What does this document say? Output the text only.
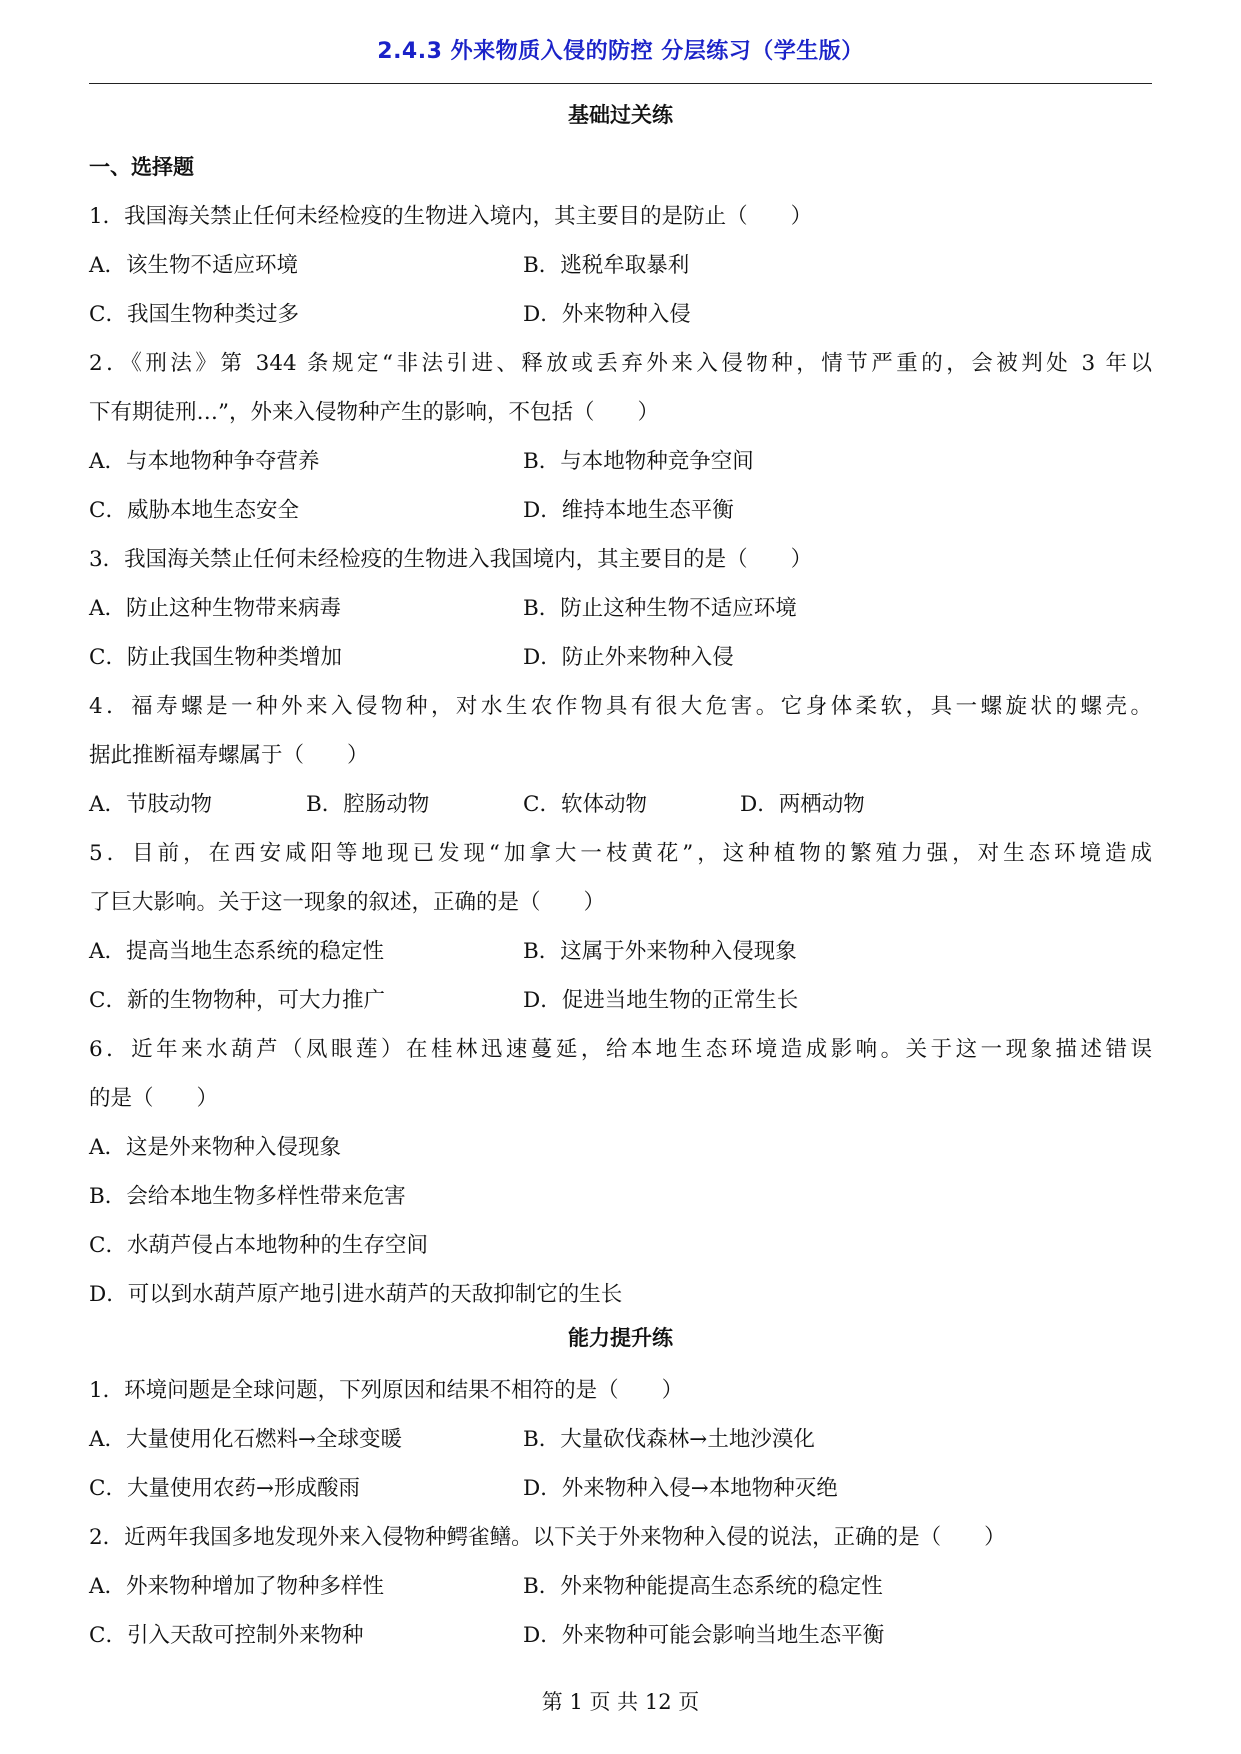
2.4.3 外来物质入侵的防控 分层练习（学生版）
基础过关练
一、选择题
1．我国海关禁止任何未经检疫的生物进入境内，其主要目的是防止（　　）
A．该生物不适应环境	B．逃税牟取暴利
C．我国生物种类过多	D．外来物种入侵
2．《刑法》第 344 条规定“非法引进、释放或丢弃外来入侵物种，情节严重的，会被判处 3 年以
下有期徒刑…”，外来入侵物种产生的影响，不包括（　　）
A．与本地物种争夺营养	B．与本地物种竞争空间
C．威胁本地生态安全	D．维持本地生态平衡
3．我国海关禁止任何未经检疫的生物进入我国境内，其主要目的是（　　）
A．防止这种生物带来病毒	B．防止这种生物不适应环境
C．防止我国生物种类增加	D．防止外来物种入侵
4．福寿螺是一种外来入侵物种，对水生农作物具有很大危害。它身体柔软，具一螺旋状的螺壳。
据此推断福寿螺属于（　　）
A．节肢动物	B．腔肠动物	C．软体动物	D．两栖动物
5．目前，在西安咸阳等地现已发现“加拿大一枝黄花”，这种植物的繁殖力强，对生态环境造成
了巨大影响。关于这一现象的叙述，正确的是（　　）
A．提高当地生态系统的稳定性	B．这属于外来物种入侵现象
C．新的生物物种，可大力推广	D．促进当地生物的正常生长
6．近年来水葫芦（凤眼莲）在桂林迅速蔓延，给本地生态环境造成影响。关于这一现象描述错误
的是（　　）
A．这是外来物种入侵现象
B．会给本地生物多样性带来危害
C．水葫芦侵占本地物种的生存空间
D．可以到水葫芦原产地引进水葫芦的天敌抑制它的生长
能力提升练
1．环境问题是全球问题，下列原因和结果不相符的是（　　）
A．大量使用化石燃料→全球变暖	B．大量砍伐森林→土地沙漠化
C．大量使用农药→形成酸雨	D．外来物种入侵→本地物种灭绝
2．近两年我国多地发现外来入侵物种鳄雀鳝。以下关于外来物种入侵的说法，正确的是（　　）
A．外来物种增加了物种多样性	B．外来物种能提高生态系统的稳定性
C．引入天敌可控制外来物种	D．外来物种可能会影响当地生态平衡
第 1 页 共 12 页
